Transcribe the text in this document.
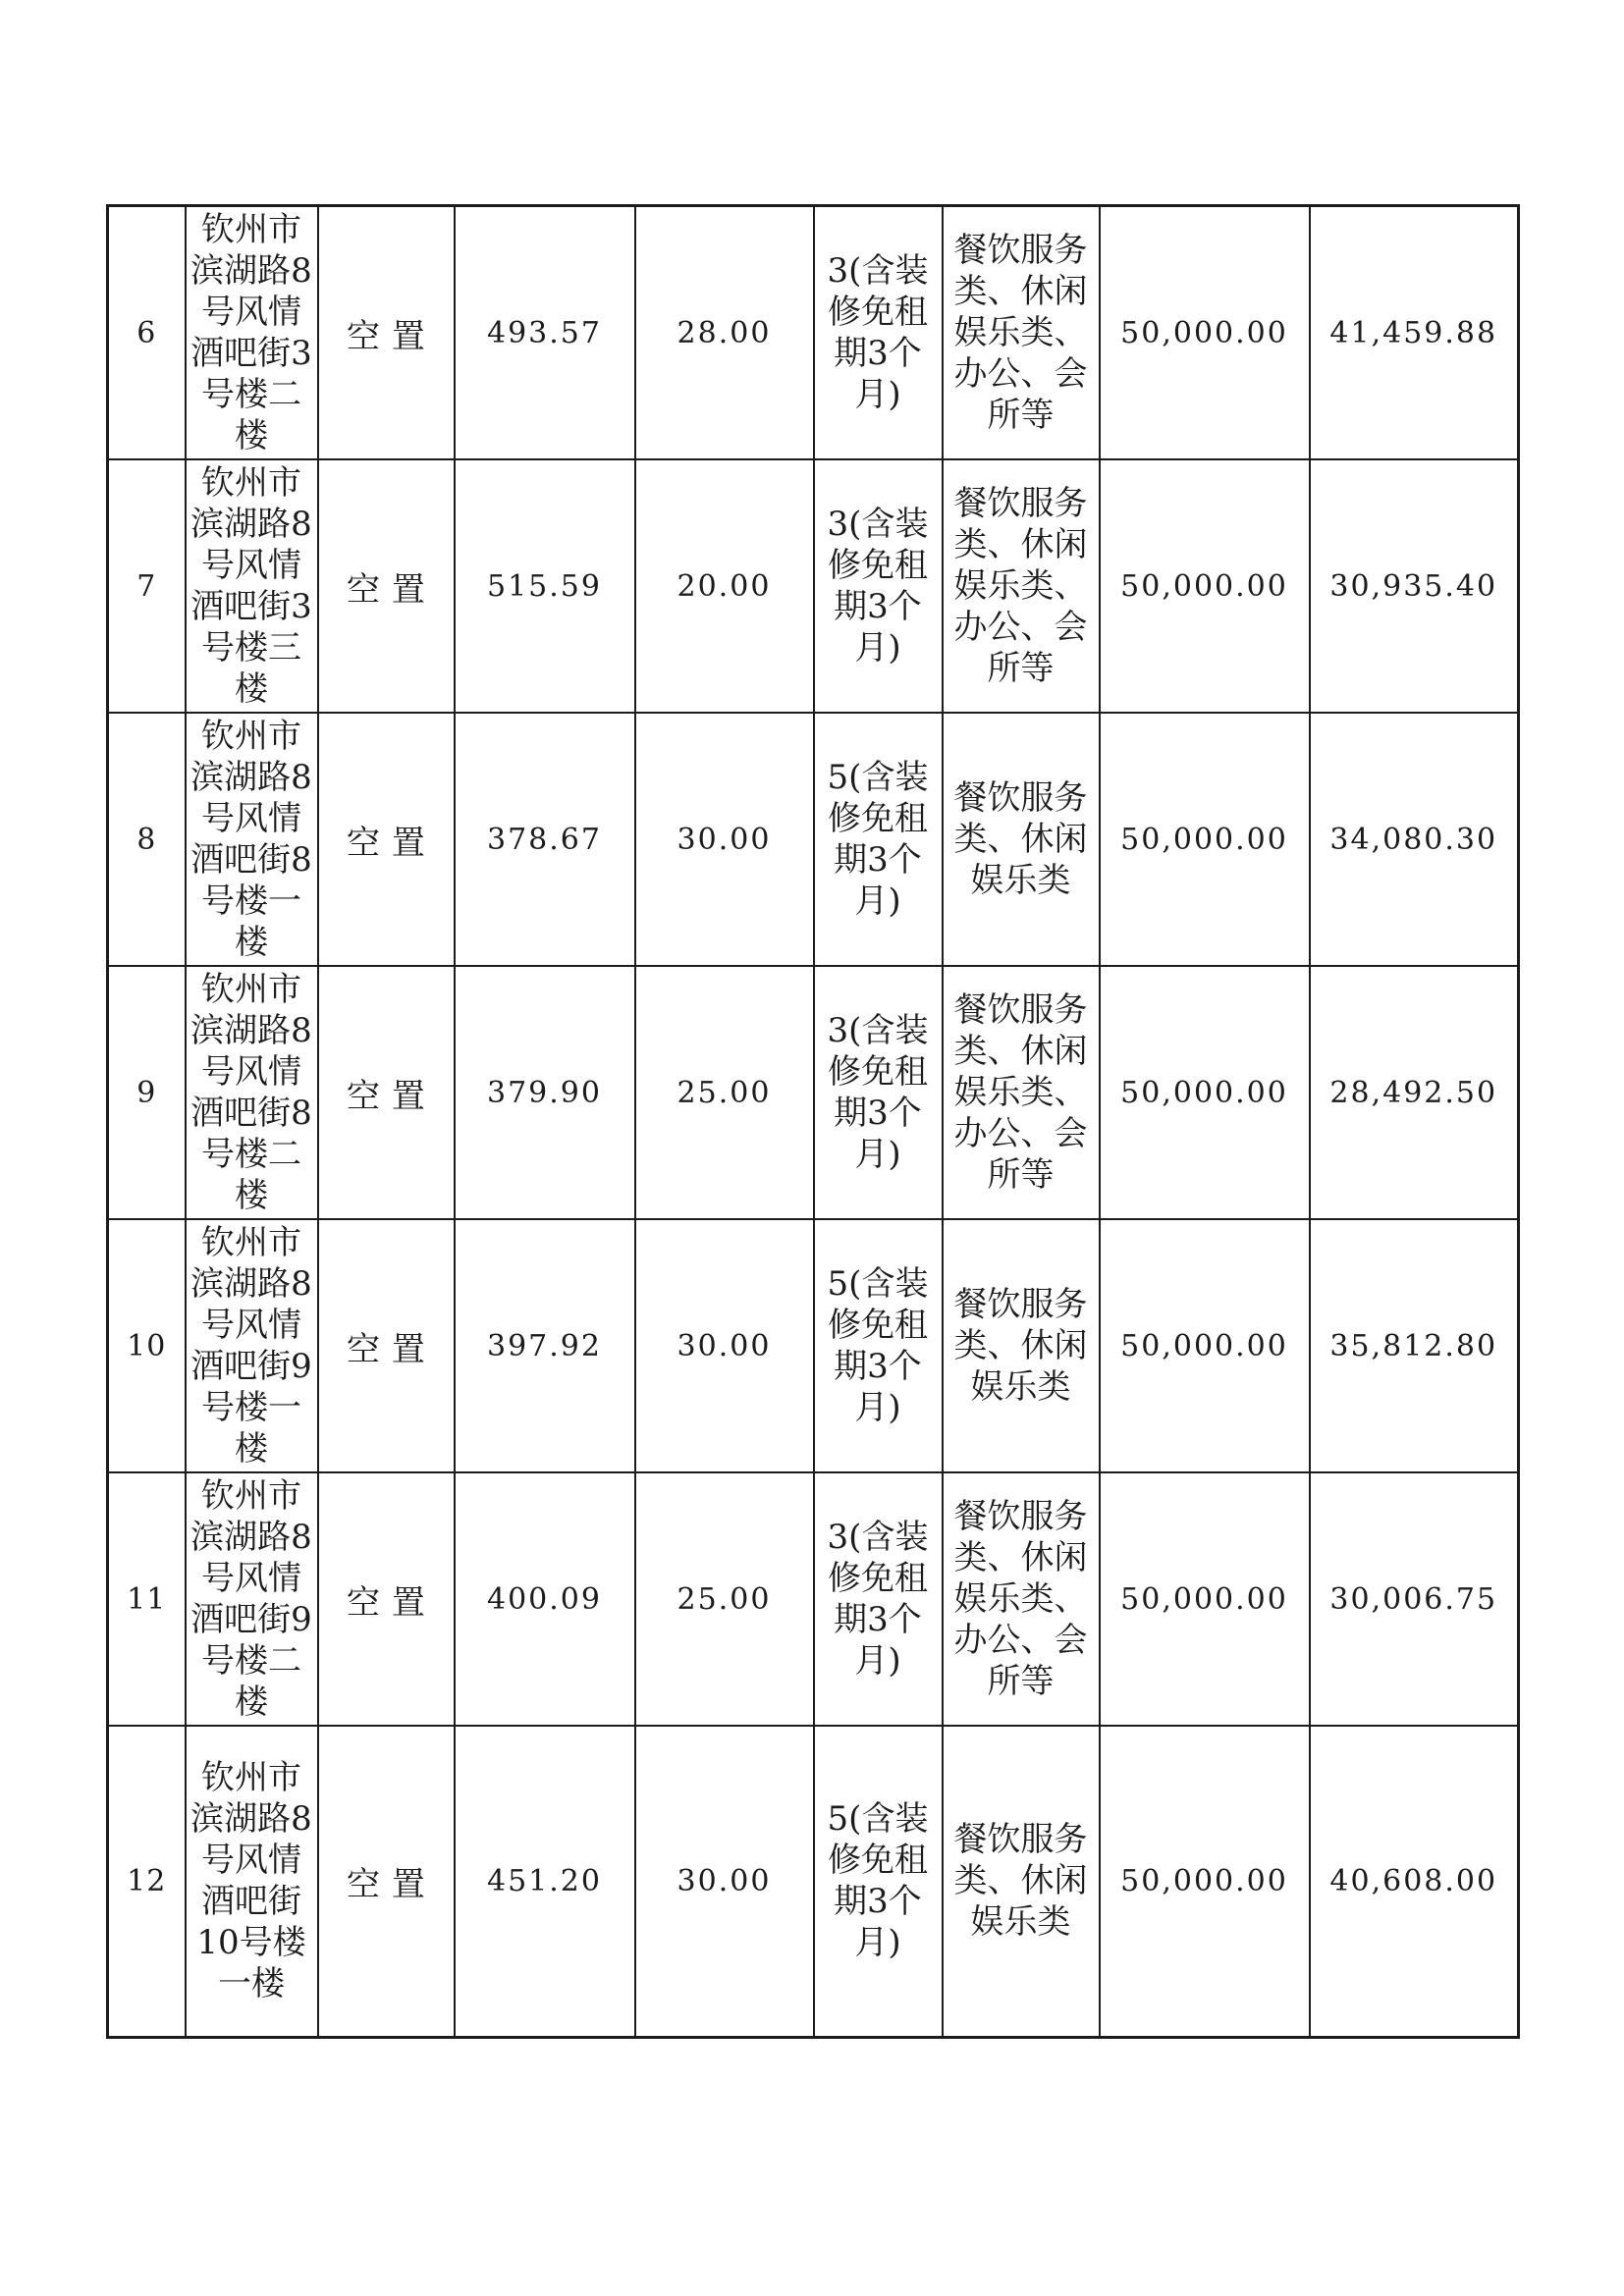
6	钦州市滨湖路8号风情酒吧街3号楼二楼	空置	493.57	28.00	3(含装修免租期3个月)	餐饮服务类、休闲娱乐类、办公、会所等	50,000.00	41,459.88
7	钦州市滨湖路8号风情酒吧街3号楼三楼	空置	515.59	20.00	3(含装修免租期3个月)	餐饮服务类、休闲娱乐类、办公、会所等	50,000.00	30,935.40
8	钦州市滨湖路8号风情酒吧街8号楼一楼	空置	378.67	30.00	5(含装修免租期3个月)	餐饮服务类、休闲娱乐类	50,000.00	34,080.30
9	钦州市滨湖路8号风情酒吧街8号楼二楼	空置	379.90	25.00	3(含装修免租期3个月)	餐饮服务类、休闲娱乐类、办公、会所等	50,000.00	28,492.50
10	钦州市滨湖路8号风情酒吧街9号楼一楼	空置	397.92	30.00	5(含装修免租期3个月)	餐饮服务类、休闲娱乐类	50,000.00	35,812.80
11	钦州市滨湖路8号风情酒吧街9号楼二楼	空置	400.09	25.00	3(含装修免租期3个月)	餐饮服务类、休闲娱乐类、办公、会所等	50,000.00	30,006.75
12	钦州市滨湖路8号风情酒吧街10号楼一楼	空置	451.20	30.00	5(含装修免租期3个月)	餐饮服务类、休闲娱乐类	50,000.00	40,608.00
